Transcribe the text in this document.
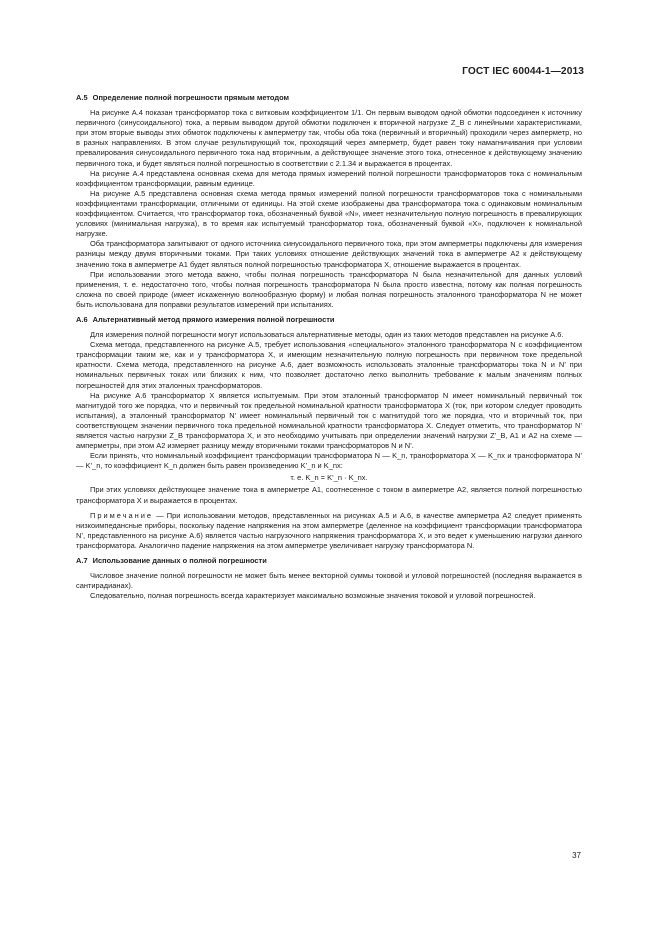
ГОСТ IEC 60044-1—2013
A.5 Определение полной погрешности прямым методом

На рисунке A.4 показан трансформатор тока с витковым коэффициентом 1/1. Он первым выводом одной обмотки подсоединен к источнику первичного (синусоидального) тока, а первым выводом другой обмотки подключен к вторичной нагрузке Z_B с линейными характеристиками, при этом вторые выводы этих обмоток подключены к амперметру так, чтобы оба тока (первичный и вторичный) проходили через амперметр, но в разных направлениях. В этом случае результирующий ток, проходящий через амперметр, будет равен току намагничивания при условии превалирования синусоидального первичного тока над вторичным, а действующее значение этого тока, отнесенное к действующему значению первичного тока, и будет являться полной погрешностью в соответствии с 2.1.34 и выражается в процентах.

На рисунке A.4 представлена основная схема для метода прямых измерений полной погрешности трансформаторов тока с номинальным коэффициентом трансформации, равным единице.

На рисунке A.5 представлена основная схема метода прямых измерений полной погрешности трансформаторов тока с номинальными коэффициентами трансформации, отличными от единицы. На этой схеме изображены два трансформатора тока с одинаковым номинальным коэффициентом. Считается, что трансформатор тока, обозначенный буквой «N», имеет незначительную полную погрешность в превалирующих условиях (минимальная нагрузка), в то время как испытуемый трансформатор тока, обозначенный буквой «X», подключен к номинальной нагрузке.

Оба трансформатора запитывают от одного источника синусоидального первичного тока, при этом амперметры подключены для измерения разницы между двумя вторичными токами. При таких условиях отношение действующих значений тока в амперметре A2 к действующему значению тока в амперметре A1 будет являться полной погрешностью трансформатора X, отношение выражается в процентах.

При использовании этого метода важно, чтобы полная погрешность трансформатора N была незначительной для данных условий применения, т. е. недостаточно того, чтобы полная погрешность трансформатора N была просто известна, потому как полная погрешность сложна по своей природе (имеет искаженную волнообразную форму) и любая полная погрешность эталонного трансформатора N не может быть использована для поправки результатов измерений при испытаниях.

A.6 Альтернативный метод прямого измерения полной погрешности

Для измерения полной погрешности могут использоваться альтернативные методы, один из таких методов представлен на рисунке A.6.

Схема метода, представленного на рисунке A.5, требует использования «специального» эталонного трансформатора N с коэффициентом трансформации таким же, как и у трансформатора X, и имеющим незначительную полную погрешность при первичном токе предельной кратности. Схема метода, представленного на рисунке A.6, дает возможность использовать эталонные трансформаторы тока N и N’ при номинальных первичных токах или близких к ним, что позволяет достаточно легко выполнить требование к малым значениям полных погрешностей для этих эталонных трансформаторов.

На рисунке A.6 трансформатор X является испытуемым. При этом эталонный трансформатор N имеет номинальный первичный ток магнитудой того же порядка, что и первичный ток предельной номинальной кратности трансформатора X (ток, при котором следует проводить испытания), а эталонный трансформатор N’ имеет номинальный первичный ток с магнитудой того же порядка, что и вторичный ток, при соответствующем значении первичного тока предельной номинальной кратности трансформатора X. Следует отметить, что трансформатор N’ является частью нагрузки Z_B трансформатора X, и это необходимо учитывать при определении значений нагрузки Z’_B, A1 и A2 на схеме — амперметры, при этом A2 измеряет разницу между вторичными токами трансформаторов N и N’.

Если принять, что номинальный коэффициент трансформации трансформатора N — K_n, трансформатора X — K_nx и трансформатора N’ — K’_n, то коэффициент K_n должен быть равен произведению K’_n и K_nx:

т. е. K_n = K’_n · K_nx.

При этих условиях действующее значение тока в амперметре A1, соотнесенное с током в амперметре A2, является полной погрешностью трансформатора X и выражается в процентах.

Примечание — При использовании методов, представленных на рисунках A.5 и A.6, в качестве амперметра A2 следует применять низкоимпедансные приборы, поскольку падение напряжения на этом амперметре (деленное на коэффициент трансформации трансформатора N’, представленного на рисунке A.6) является частью нагрузочного напряжения трансформатора X, и это ведет к уменьшению нагрузки данного трансформатора. Аналогично падение напряжения на этом амперметре увеличивает нагрузку трансформатора N.

A.7 Использование данных о полной погрешности

Числовое значение полной погрешности не может быть менее векторной суммы токовой и угловой погрешностей (последняя выражается в сантирадианах).

Следовательно, полная погрешность всегда характеризует максимально возможные значения токовой и угловой погрешностей.

37
